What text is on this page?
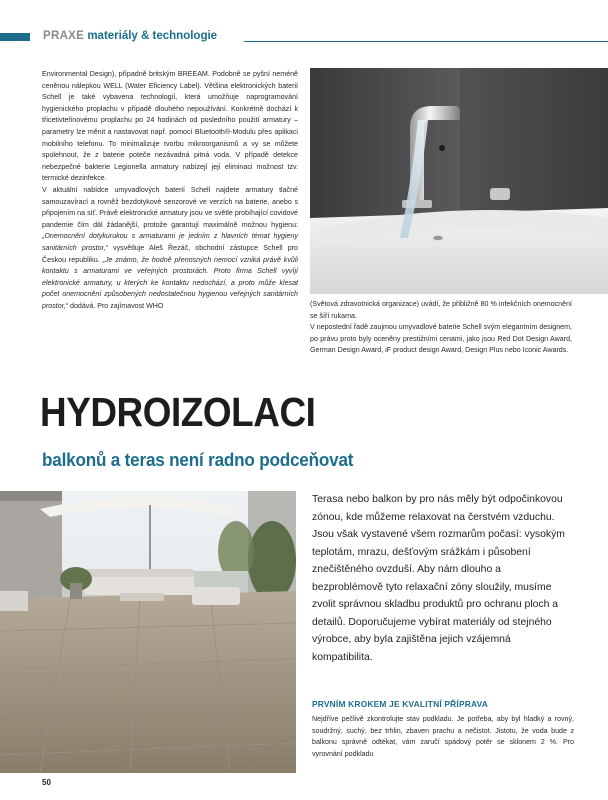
PRAXE materiály & technologie

Environmental Design), případně britským BREEAM. Podobně se pyšní neméně ceněnou nálepkou WELL (Water Eficiency Label). Většina elektronických baterií Schell je také vybavena technologií, která umožňuje naprogramování hygienického proplachu v případě dlouhého nepoužívání. Konkrétně dochází k třicetivteřinovému proplachu po 24 hodinách od posledního použití armatury – parametry lze měnit a nastavovat např. pomocí Bluetooth®-Modulu přes aplikaci mobilního telefonu. To minimalizuje tvorbu mikroorganismů a vy se můžete spolehnout, že z baterie poteče nezávadná pitná voda. V případě detekce nebezpečné bakterie Legionella armatury nabízejí její eliminaci možnost tzv. termické dezinfekce.

V aktuální nabídce umyvadlových baterií Schell najdete armatury tlačné samouzavírací a rovněž bezdotykové senzorové ve verzích na baterie, anebo s připojením na síť. Právě elektronické armatury jsou ve světle probíhající covidové pandemie čím dál žádanější, protože garantují maximálně možnou hygienu: „Onemocnění dotykurukou s armaturami je jedním z hlavních témat hygieny sanitárních prostor,“ vysvětluje Aleš Řezáč, obchodní zástupce Schell pro Českou republiku. „Je známo, že hodně přenosných nemocí vzniká právě kvůli kontaktu s armaturami ve veřejných prostorách. Proto firma Schell vyvíjí elektronické armatury, u kterých ke kontaktu nedochází, a proto může klesat počet onemocnění způsobených nedostatečnou hygienou veřejných sanitárních prostor,“ dodává. Pro zajímavost WHO	(Světová zdravotnická organizace) uvádí, že přibližně 80 % infekčních onemocnění se šíří rukama.

V nepostední řadě zaujmou umyvadlové baterie Schell svým elegantním designem, po právu proto byly oceněny prestižními cenami, jako jsou Red Dot Design Award, German Design Award, iF product design Award, Design Plus nebo Iconic Awards.

HYDROIZOLACI
balkonů a teras není radno podceňovat
Terasa nebo balkon by pro nás měly být odpočinkovou zónou, kde můžeme relaxovat na čerstvém vzduchu. Jsou však vystavené všem rozmarům počasí: vysokým teplotám, mrazu, dešťovým srážkám i působení znečištěného ovzduší. Aby nám dlouho a bezproblémově tyto relaxační zóny sloužily, musíme zvolit správnou skladbu produktů pro ochranu ploch a detailů. Doporučujeme vybírat materiály od stejného výrobce, aby byla zajištěna jejich vzájemná kompatibilita.
PRVNÍM KROKEM JE KVALITNÍ PŘÍPRAVA
Nejdříve pečlivě zkontrolujte stav podkladu. Je potřeba, aby byl hladký a rovný, soudržný, suchý, bez trhlin, zbaven prachu a nečistot. Jistotu, že voda bude z balkonu správně odtékat, vám zaručí spádový potěr se sklonem 2 %. Pro vyrovnání podkladu
50
